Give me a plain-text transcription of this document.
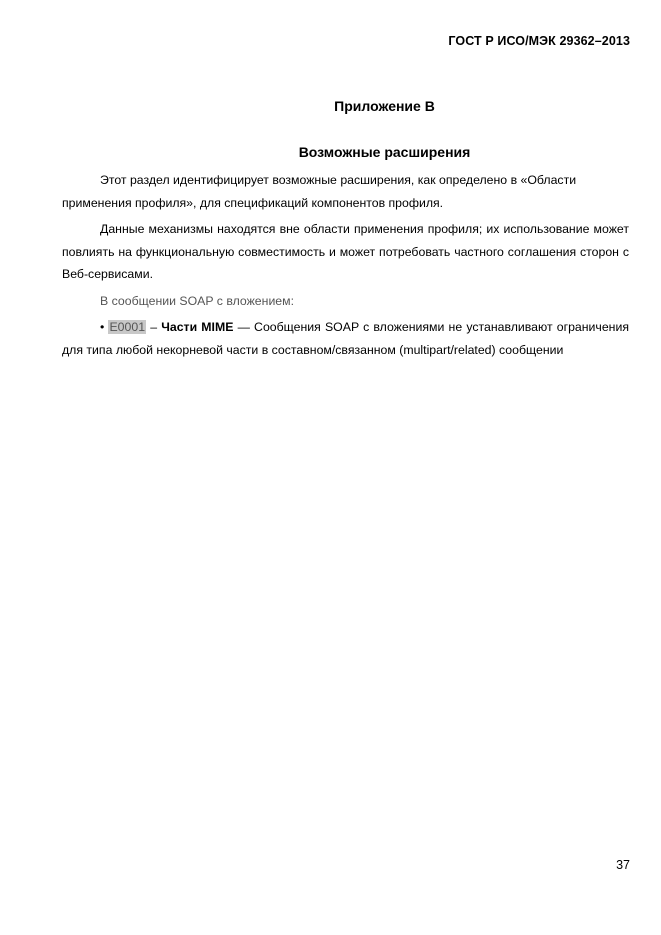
ГОСТ Р ИСО/МЭК 29362–2013
Приложение В
Возможные расширения

Этот раздел идентифицирует возможные расширения, как определено в «Области применения профиля», для спецификаций компонентов профиля.

Данные механизмы находятся вне области применения профиля; их использование может повлиять на функциональную совместимость и может потребовать частного соглашения сторон с Веб-сервисами.

В сообщении SOAP с вложением:

• E0001 – Части MIME — Сообщения SOAP с вложениями не устанавливают ограничения для типа любой некорневой части в составном/связанном (multipart/related) сообщении

37
